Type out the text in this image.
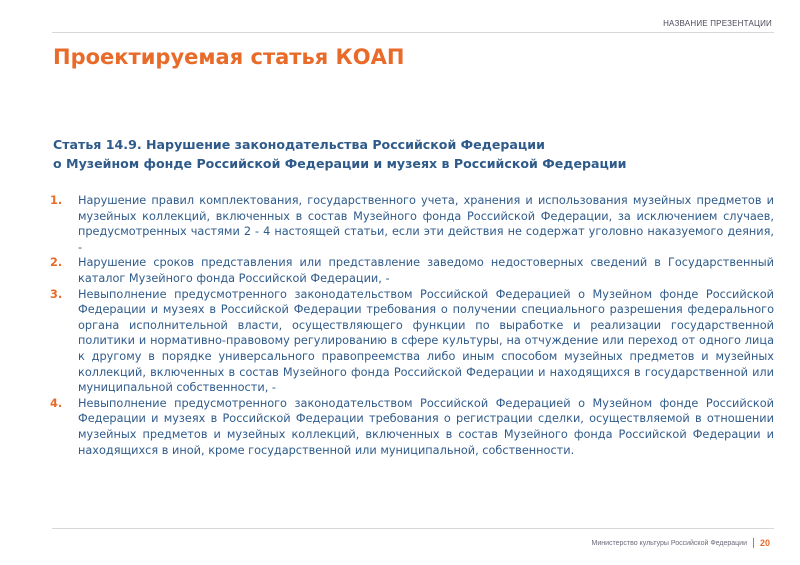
НАЗВАНИЕ ПРЕЗЕНТАЦИИ
Проектируемая статья КОАП
Статья 14.9. Нарушение законодательства Российской Федерации
о Музейном фонде Российской Федерации и музеях в Российской Федерации
1. Нарушение правил комплектования, государственного учета, хранения и использования музейных предметов и музейных коллекций, включенных в состав Музейного фонда Российской Федерации, за исключением случаев, предусмотренных частями 2 - 4 настоящей статьи, если эти действия не содержат уголовно наказуемого деяния, -
2. Нарушение сроков представления или представление заведомо недостоверных сведений в Государственный каталог Музейного фонда Российской Федерации, -
3. Невыполнение предусмотренного законодательством Российской Федерацией о Музейном фонде Российской Федерации и музеях в Российской Федерации требования о получении специального разрешения федерального органа исполнительной власти, осуществляющего функции по выработке и реализации государственной политики и нормативно-правовому регулированию в сфере культуры, на отчуждение или переход от одного лица к другому в порядке универсального правопреемства либо иным способом музейных предметов и музейных коллекций, включенных в состав Музейного фонда Российской Федерации и находящихся в государственной или муниципальной собственности, -
4. Невыполнение предусмотренного законодательством Российской Федерацией о Музейном фонде Российской Федерации и музеях в Российской Федерации требования о регистрации сделки, осуществляемой в отношении музейных предметов и музейных коллекций, включенных в состав Музейного фонда Российской Федерации и находящихся в иной, кроме государственной или муниципальной, собственности.
Министерство культуры Российской Федерации 20
